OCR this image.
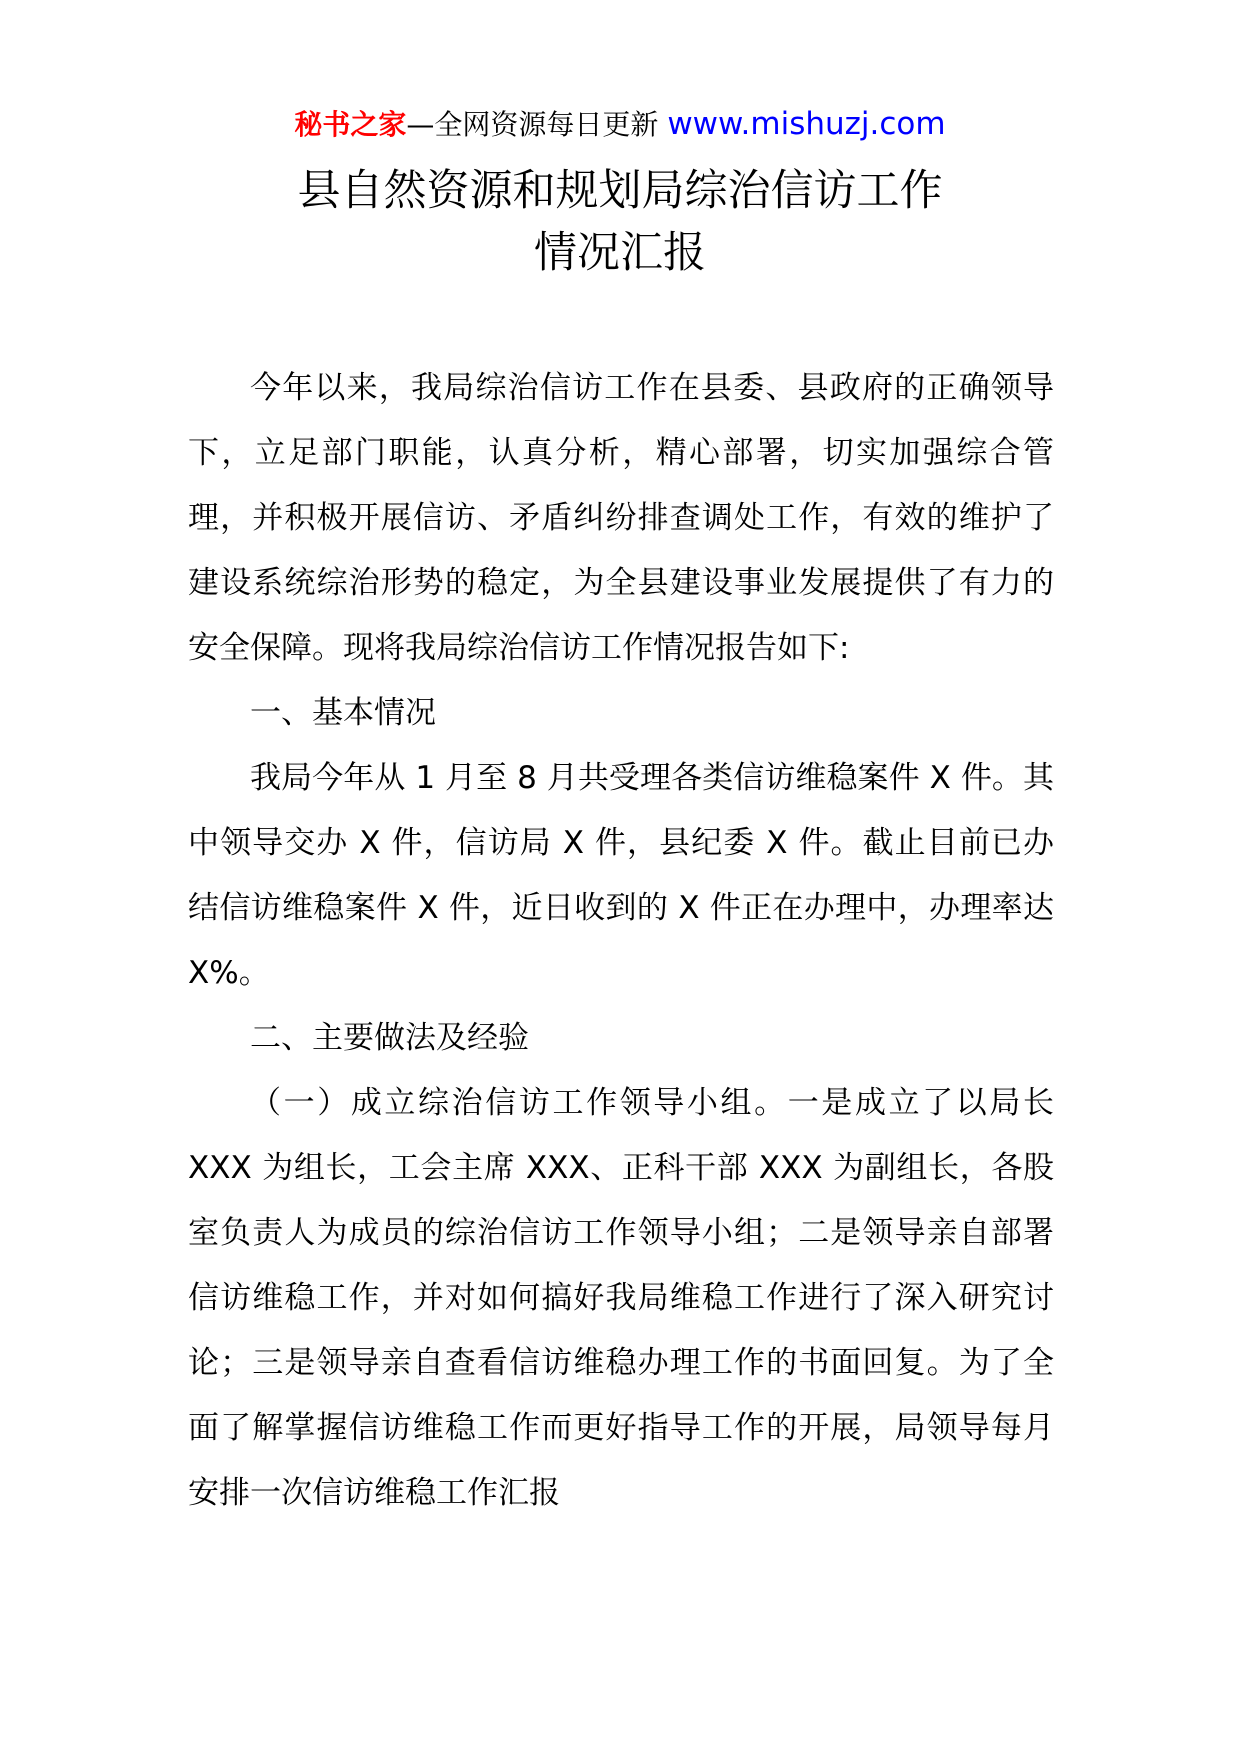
秘书之家—全网资源每日更新 www.mishuzj.com
县自然资源和规划局综治信访工作
情况汇报

今年以来，我局综治信访工作在县委、县政府的正确领导下，立足部门职能，认真分析，精心部署，切实加强综合管理，并积极开展信访、矛盾纠纷排查调处工作，有效的维护了建设系统综治形势的稳定，为全县建设事业发展提供了有力的安全保障。现将我局综治信访工作情况报告如下:

一、基本情况

我局今年从 1 月至 8 月共受理各类信访维稳案件 X 件。其中领导交办 X 件，信访局 X 件，县纪委 X 件。截止目前已办结信访维稳案件 X 件，近日收到的 X 件正在办理中，办理率达 X%。

二、主要做法及经验

（一）成立综治信访工作领导小组。一是成立了以局长 XXX 为组长，工会主席 XXX、正科干部 XXX 为副组长，各股室负责人为成员的综治信访工作领导小组；二是领导亲自部署信访维稳工作，并对如何搞好我局维稳工作进行了深入研究讨论；三是领导亲自查看信访维稳办理工作的书面回复。为了全面了解掌握信访维稳工作而更好指导工作的开展，局领导每月安排一次信访维稳工作汇报
